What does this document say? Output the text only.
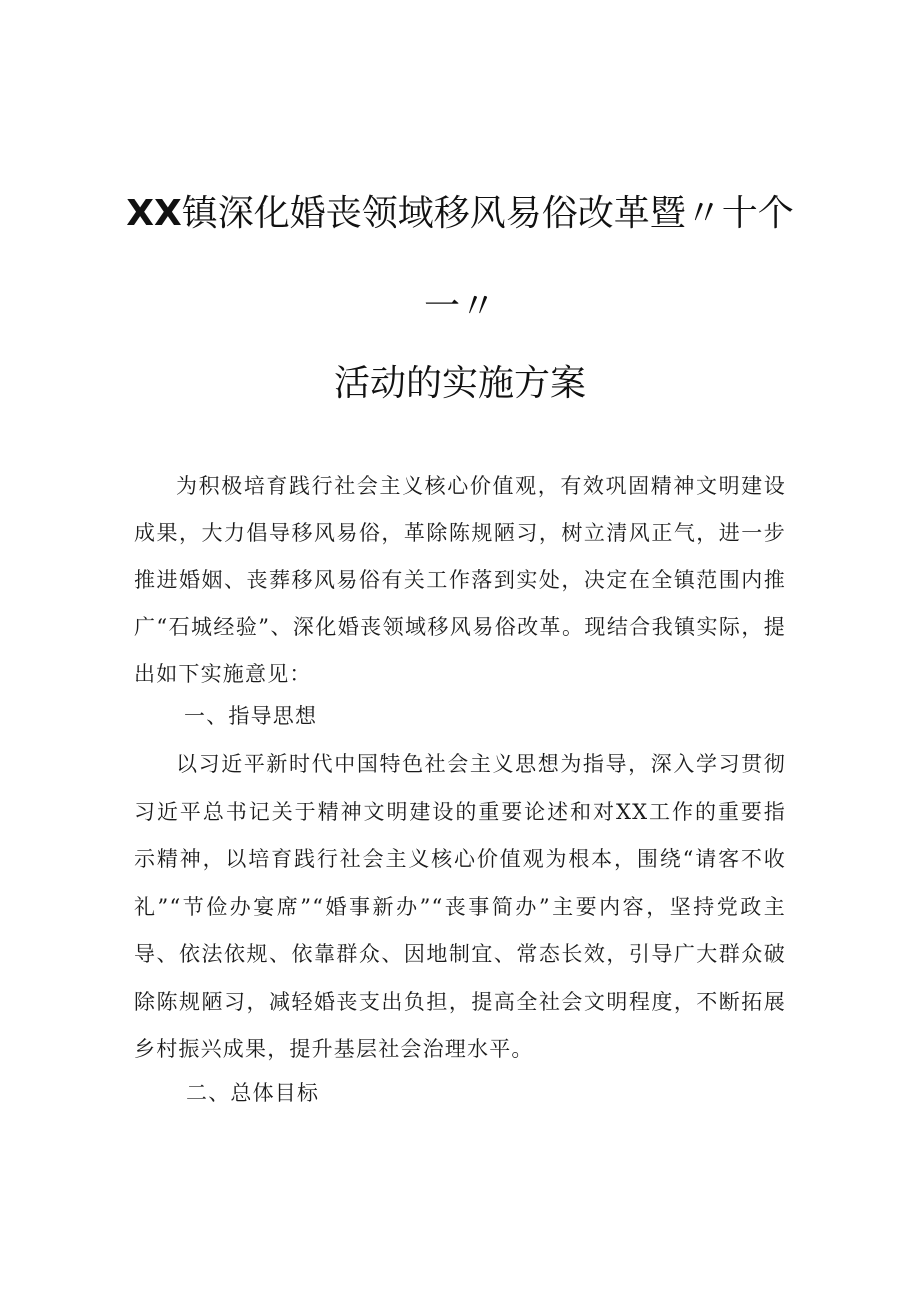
XX镇深化婚丧领域移风易俗改革暨〃十个
一〃
活动的实施方案

为积极培育践行社会主义核心价值观，有效巩固精神文明建设成果，大力倡导移风易俗，革除陈规陋习，树立清风正气，进一步推进婚姻、丧葬移风易俗有关工作落到实处，决定在全镇范围内推广“石城经验”、深化婚丧领域移风易俗改革。现结合我镇实际，提出如下实施意见：

一、指导思想

以习近平新时代中国特色社会主义思想为指导，深入学习贯彻习近平总书记关于精神文明建设的重要论述和对XX工作的重要指示精神，以培育践行社会主义核心价值观为根本，围绕“请客不收礼”“节俭办宴席”“婚事新办”“丧事简办”主要内容，坚持党政主导、依法依规、依靠群众、因地制宜、常态长效，引导广大群众破除陈规陋习，减轻婚丧支出负担，提高全社会文明程度，不断拓展乡村振兴成果，提升基层社会治理水平。

二、总体目标
